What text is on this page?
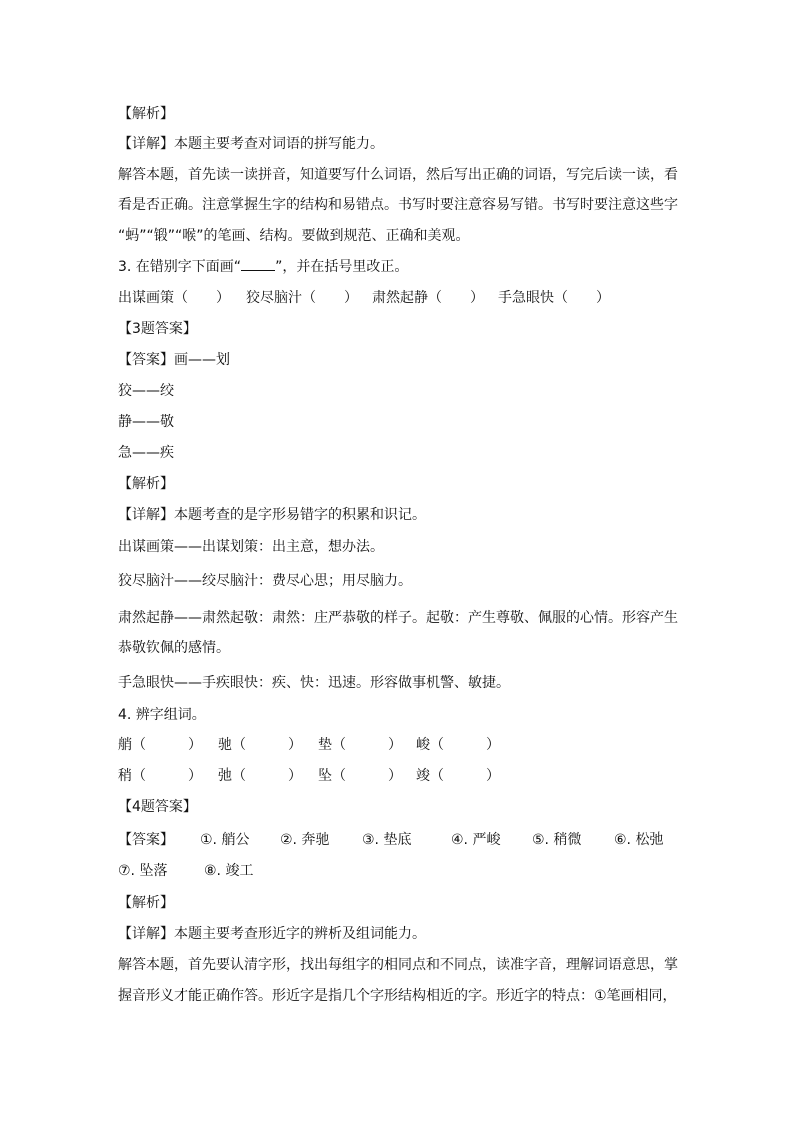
【解析】
【详解】本题主要考查对词语的拼写能力。
解答本题，首先读一读拼音，知道要写什么词语，然后写出正确的词语，写完后读一读，看
看是否正确。注意掌握生字的结构和易错点。书写时要注意容易写错。书写时要注意这些字
“蚂”“锻”“喉”的笔画、结构。要做到规范、正确和美观。
3. 在错别字下面画“ ”，并在括号里改正。
出谋画策（　　） 狡尽脑汁（　　） 肃然起静（　　） 手急眼快（　　）
【3题答案】
【答案】画——划
狡——绞
静——敬
急——疾
【解析】
【详解】本题考查的是字形易错字的积累和识记。
出谋画策——出谋划策：出主意，想办法。
狡尽脑汁——绞尽脑汁：费尽心思；用尽脑力。
肃然起静——肃然起敬：肃然：庄严恭敬的样子。起敬：产生尊敬、佩服的心情。形容产生
恭敬钦佩的感情。
手急眼快——手疾眼快：疾、快：迅速。形容做事机警、敏捷。
4. 辨字组词。
艄（　　　） 驰（　　　） 垫（　　　） 峻（　　　）
稍（　　　） 弛（　　　） 坠（　　　） 竣（　　　）
【4题答案】
【答案】 ①. 艄公 ②. 奔驰 ③. 垫底	④. 严峻 ⑤. 稍微 ⑥. 松弛
⑦. 坠落	⑧. 竣工
【解析】
【详解】本题主要考查形近字的辨析及组词能力。
解答本题，首先要认清字形，找出每组字的相同点和不同点，读准字音，理解词语意思，掌
握音形义才能正确作答。形近字是指几个字形结构相近的字。形近字的特点：①笔画相同，
